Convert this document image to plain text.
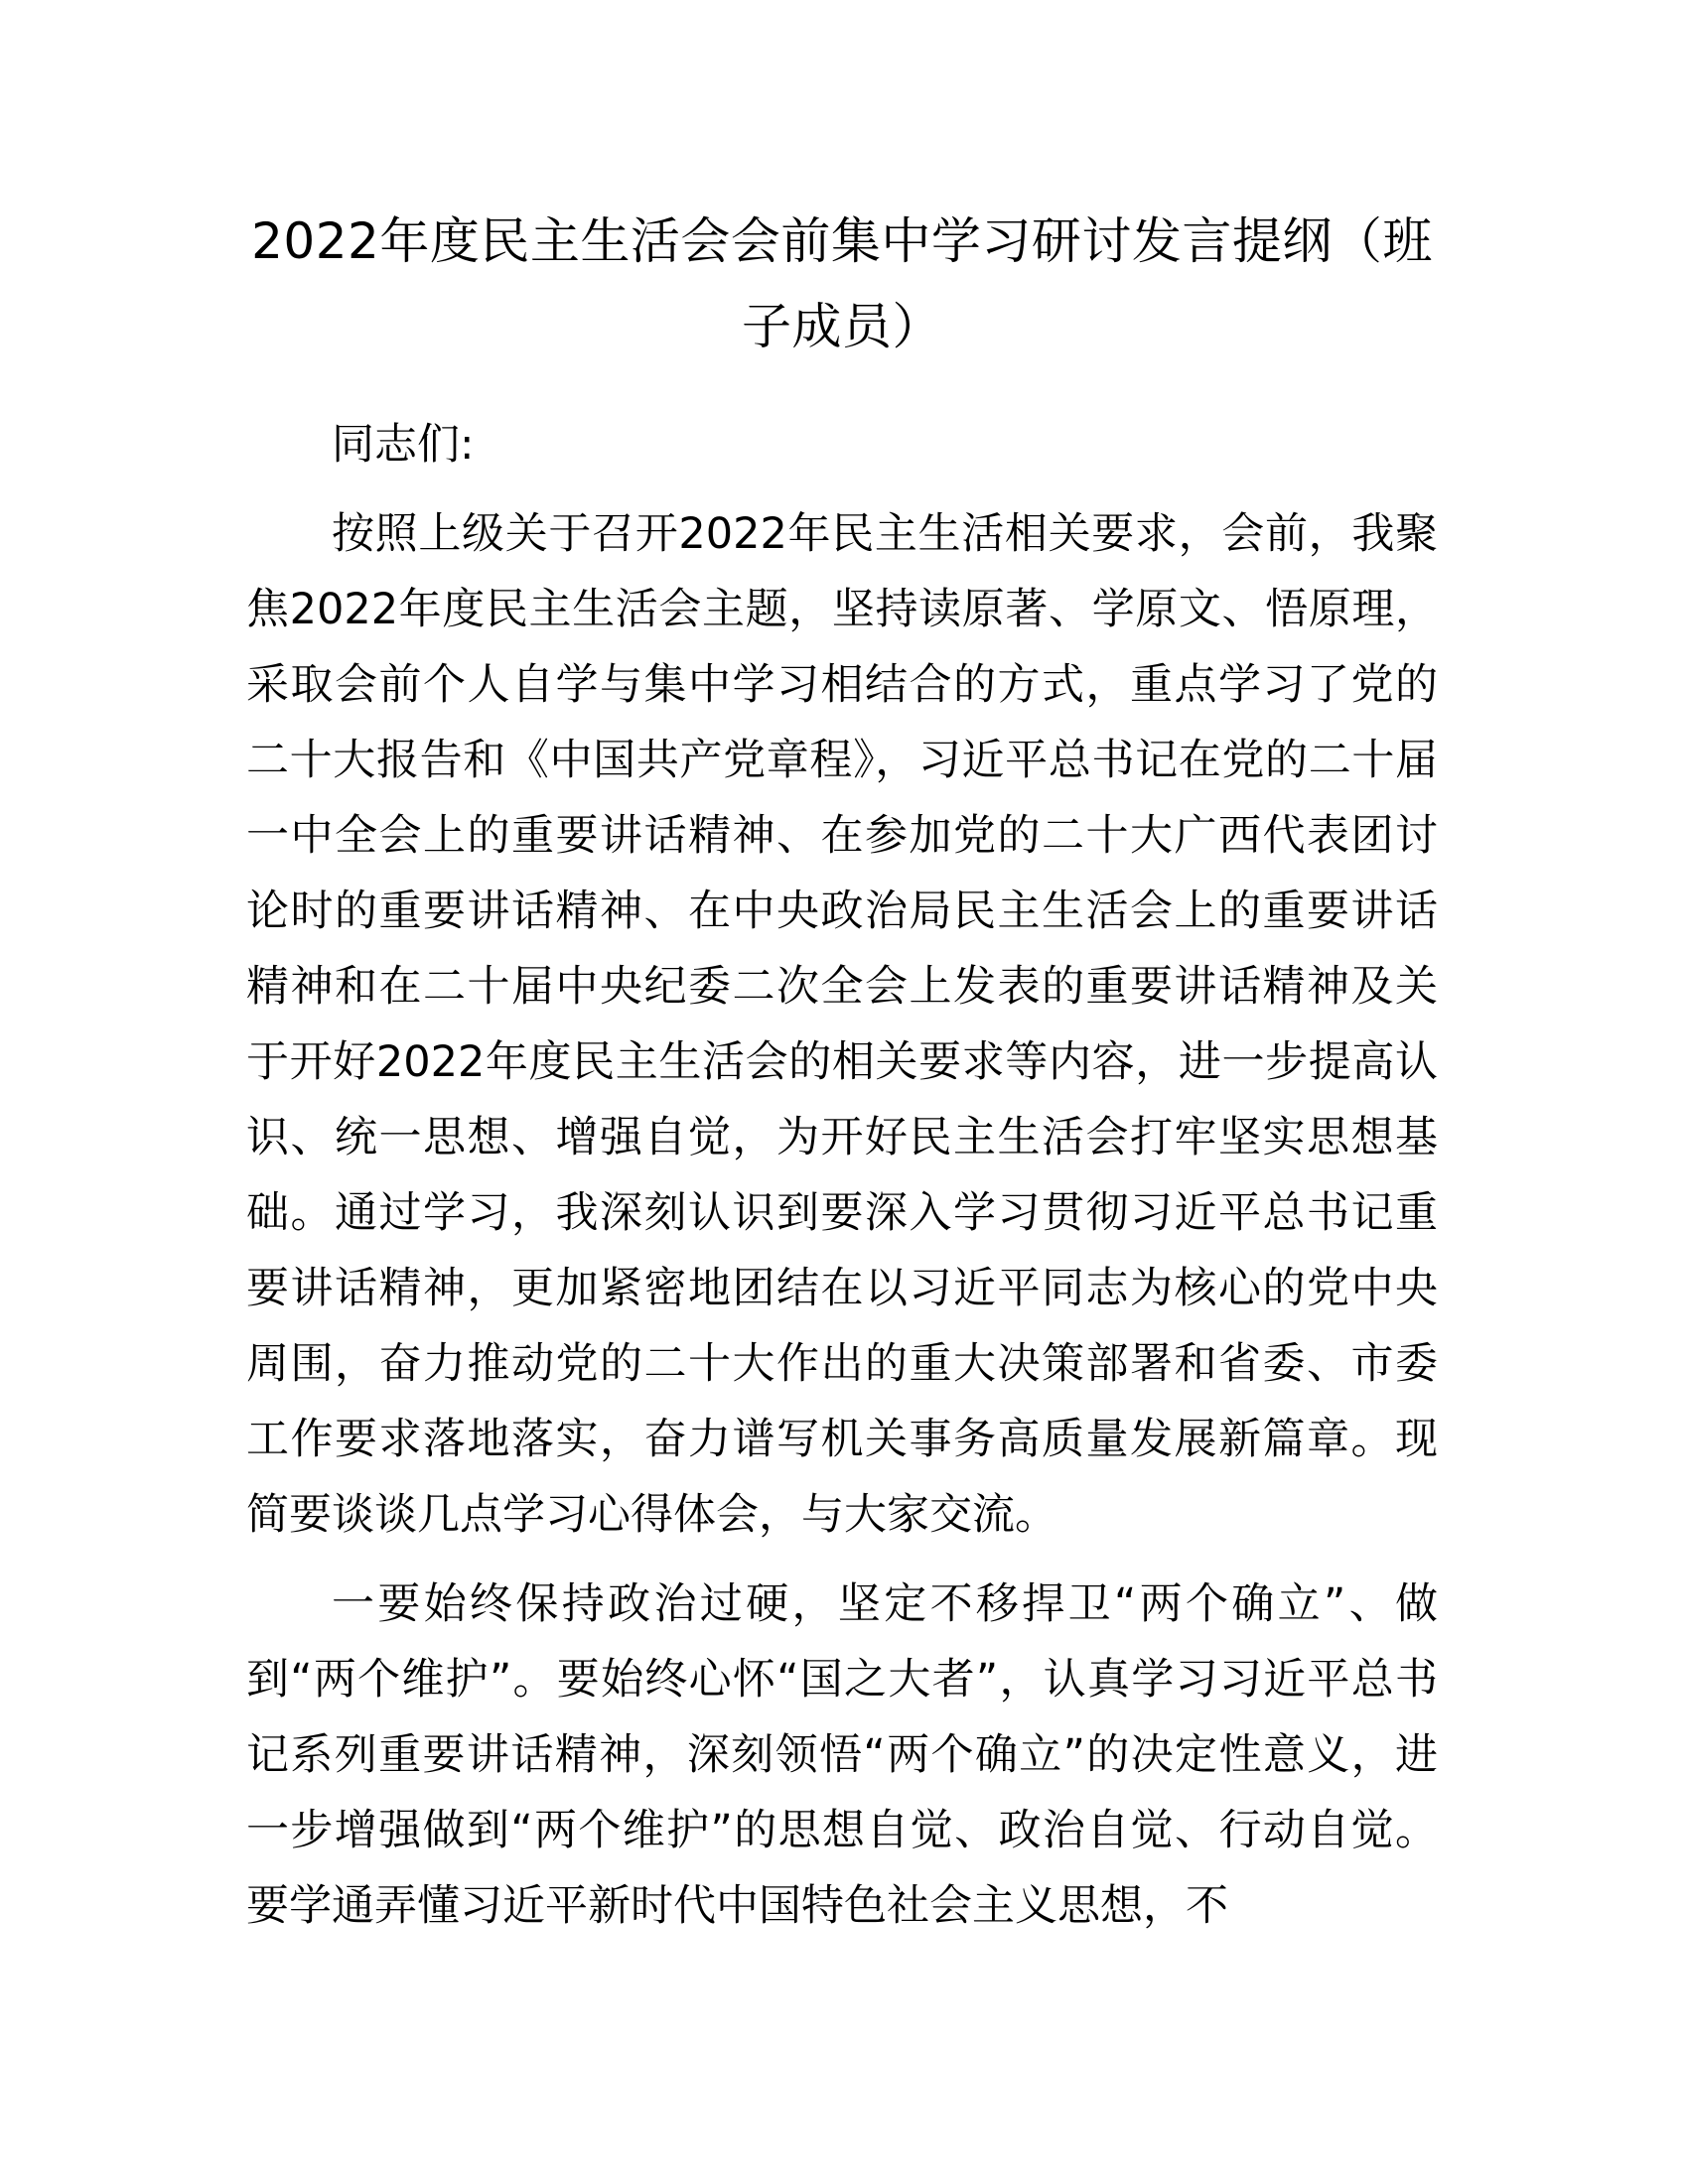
2022年度民主生活会会前集中学习研讨发言提纲（班子成员）

同志们:

按照上级关于召开2022年民主生活相关要求，会前，我聚焦2022年度民主生活会主题，坚持读原著、学原文、悟原理，采取会前个人自学与集中学习相结合的方式，重点学习了党的二十大报告和《中国共产党章程》，习近平总书记在党的二十届一中全会上的重要讲话精神、在参加党的二十大广西代表团讨论时的重要讲话精神、在中央政治局民主生活会上的重要讲话精神和在二十届中央纪委二次全会上发表的重要讲话精神及关于开好2022年度民主生活会的相关要求等内容，进一步提高认识、统一思想、增强自觉，为开好民主生活会打牢坚实思想基础。通过学习，我深刻认识到要深入学习贯彻习近平总书记重要讲话精神，更加紧密地团结在以习近平同志为核心的党中央周围，奋力推动党的二十大作出的重大决策部署和省委、市委工作要求落地落实，奋力谱写机关事务高质量发展新篇章。现简要谈谈几点学习心得体会，与大家交流。

一要始终保持政治过硬，坚定不移捍卫“两个确立”、做到“两个维护”。要始终心怀“国之大者”，认真学习习近平总书记系列重要讲话精神，深刻领悟“两个确立”的决定性意义，进一步增强做到“两个维护”的思想自觉、政治自觉、行动自觉。要学通弄懂习近平新时代中国特色社会主义思想，不
